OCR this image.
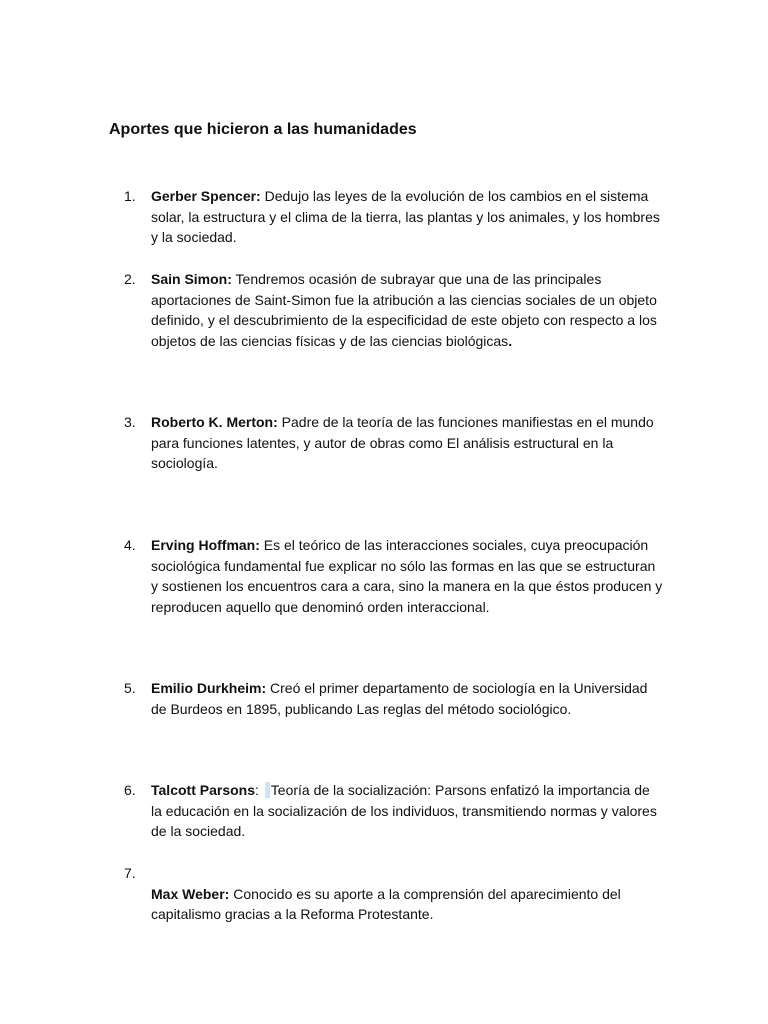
Aportes que hicieron a las humanidades
1.	Gerber Spencer: Dedujo las leyes de la evolución de los cambios en el sistema solar, la estructura y el clima de la tierra, las plantas y los animales, y los hombres y la sociedad.
2.	Sain Simon: Tendremos ocasión de subrayar que una de las principales aportaciones de Saint-Simon fue la atribución a las ciencias sociales de un objeto definido, y el descubrimiento de la especificidad de este objeto con respecto a los objetos de las ciencias físicas y de las ciencias biológicas.
3.	Roberto K. Merton: Padre de la teoría de las funciones manifiestas en el mundo para funciones latentes, y autor de obras como El análisis estructural en la sociología.
4.	Erving Hoffman: Es el teórico de las interacciones sociales, cuya preocupación sociológica fundamental fue explicar no sólo las formas en las que se estructuran y sostienen los encuentros cara a cara, sino la manera en la que éstos producen y reproducen aquello que denominó orden interaccional.
5.	Emilio Durkheim: Creó el primer departamento de sociología en la Universidad de Burdeos en 1895, publicando Las reglas del método sociológico.
6.	Talcott Parsons: Teoría de la socialización: Parsons enfatizó la importancia de la educación en la socialización de los individuos, transmitiendo normas y valores de la sociedad.
7.
Max Weber: Conocido es su aporte a la comprensión del aparecimiento del capitalismo gracias a la Reforma Protestante.
